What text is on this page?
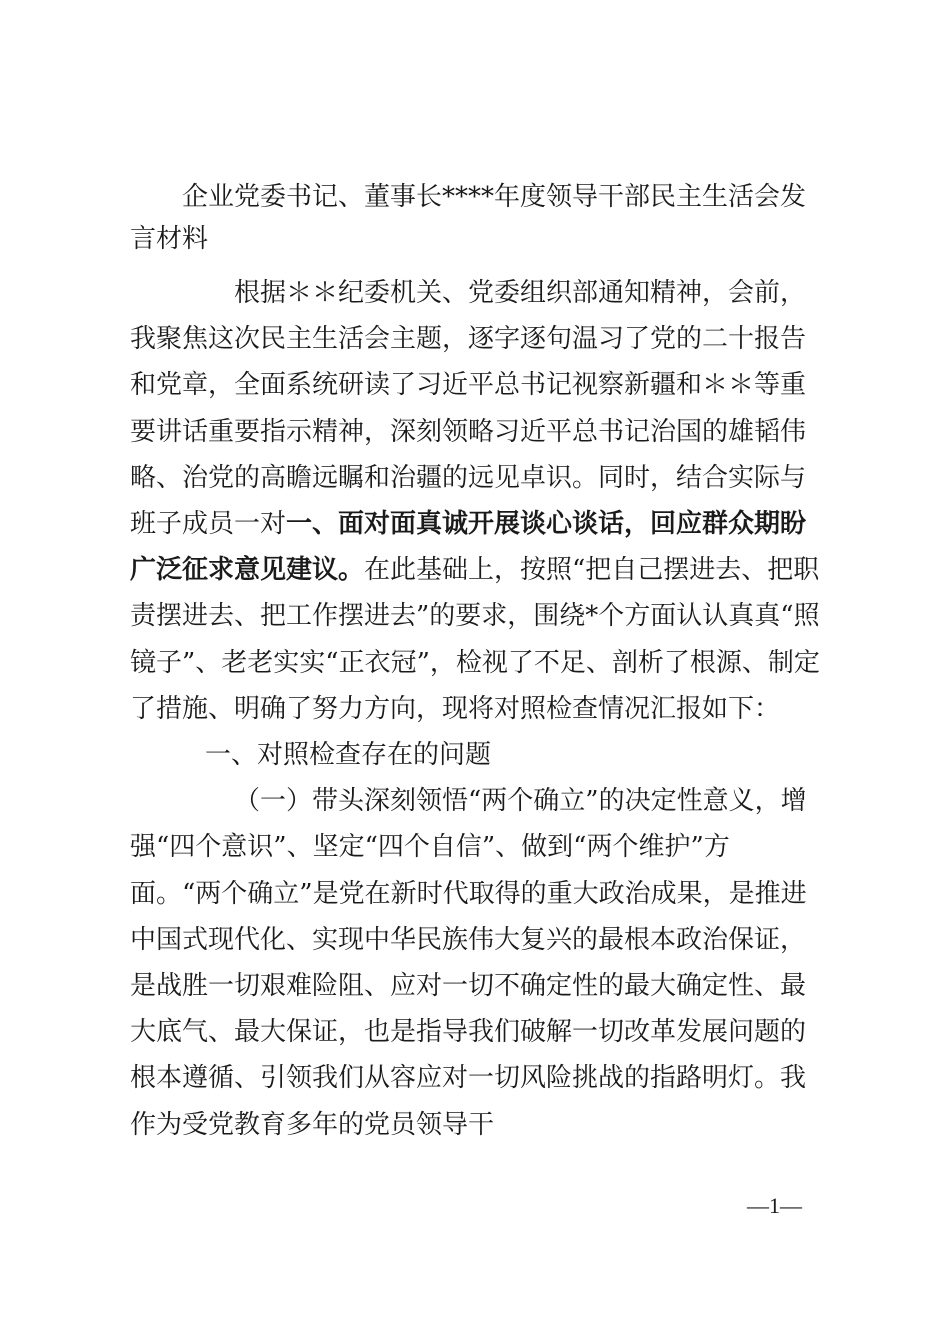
企业党委书记、董事长****年度领导干部民主生活会发言材料

根据＊＊纪委机关、党委组织部通知精神，会前，我聚焦这次民主生活会主题，逐字逐句温习了党的二十报告和党章，全面系统研读了习近平总书记视察新疆和＊＊等重要讲话重要指示精神，深刻领略习近平总书记治国的雄韬伟略、治党的高瞻远瞩和治疆的远见卓识。同时，结合实际与班子成员一对一、面对面真诚开展谈心谈话，回应群众期盼广泛征求意见建议。在此基础上，按照“把自己摆进去、把职责摆进去、把工作摆进去”的要求，围绕*个方面认认真真“照镜子”、老老实实“正衣冠”，检视了不足、剖析了根源、制定了措施、明确了努力方向，现将对照检查情况汇报如下：

一、对照检查存在的问题

（一）带头深刻领悟“两个确立”的决定性意义，增强“四个意识”、坚定“四个自信”、做到“两个维护”方面。“两个确立”是党在新时代取得的重大政治成果，是推进中国式现代化、实现中华民族伟大复兴的最根本政治保证，是战胜一切艰难险阻、应对一切不确定性的最大确定性、最大底气、最大保证，也是指导我们破解一切改革发展问题的根本遵循、引领我们从容应对一切风险挑战的指路明灯。我作为受党教育多年的党员领导干

—1—
